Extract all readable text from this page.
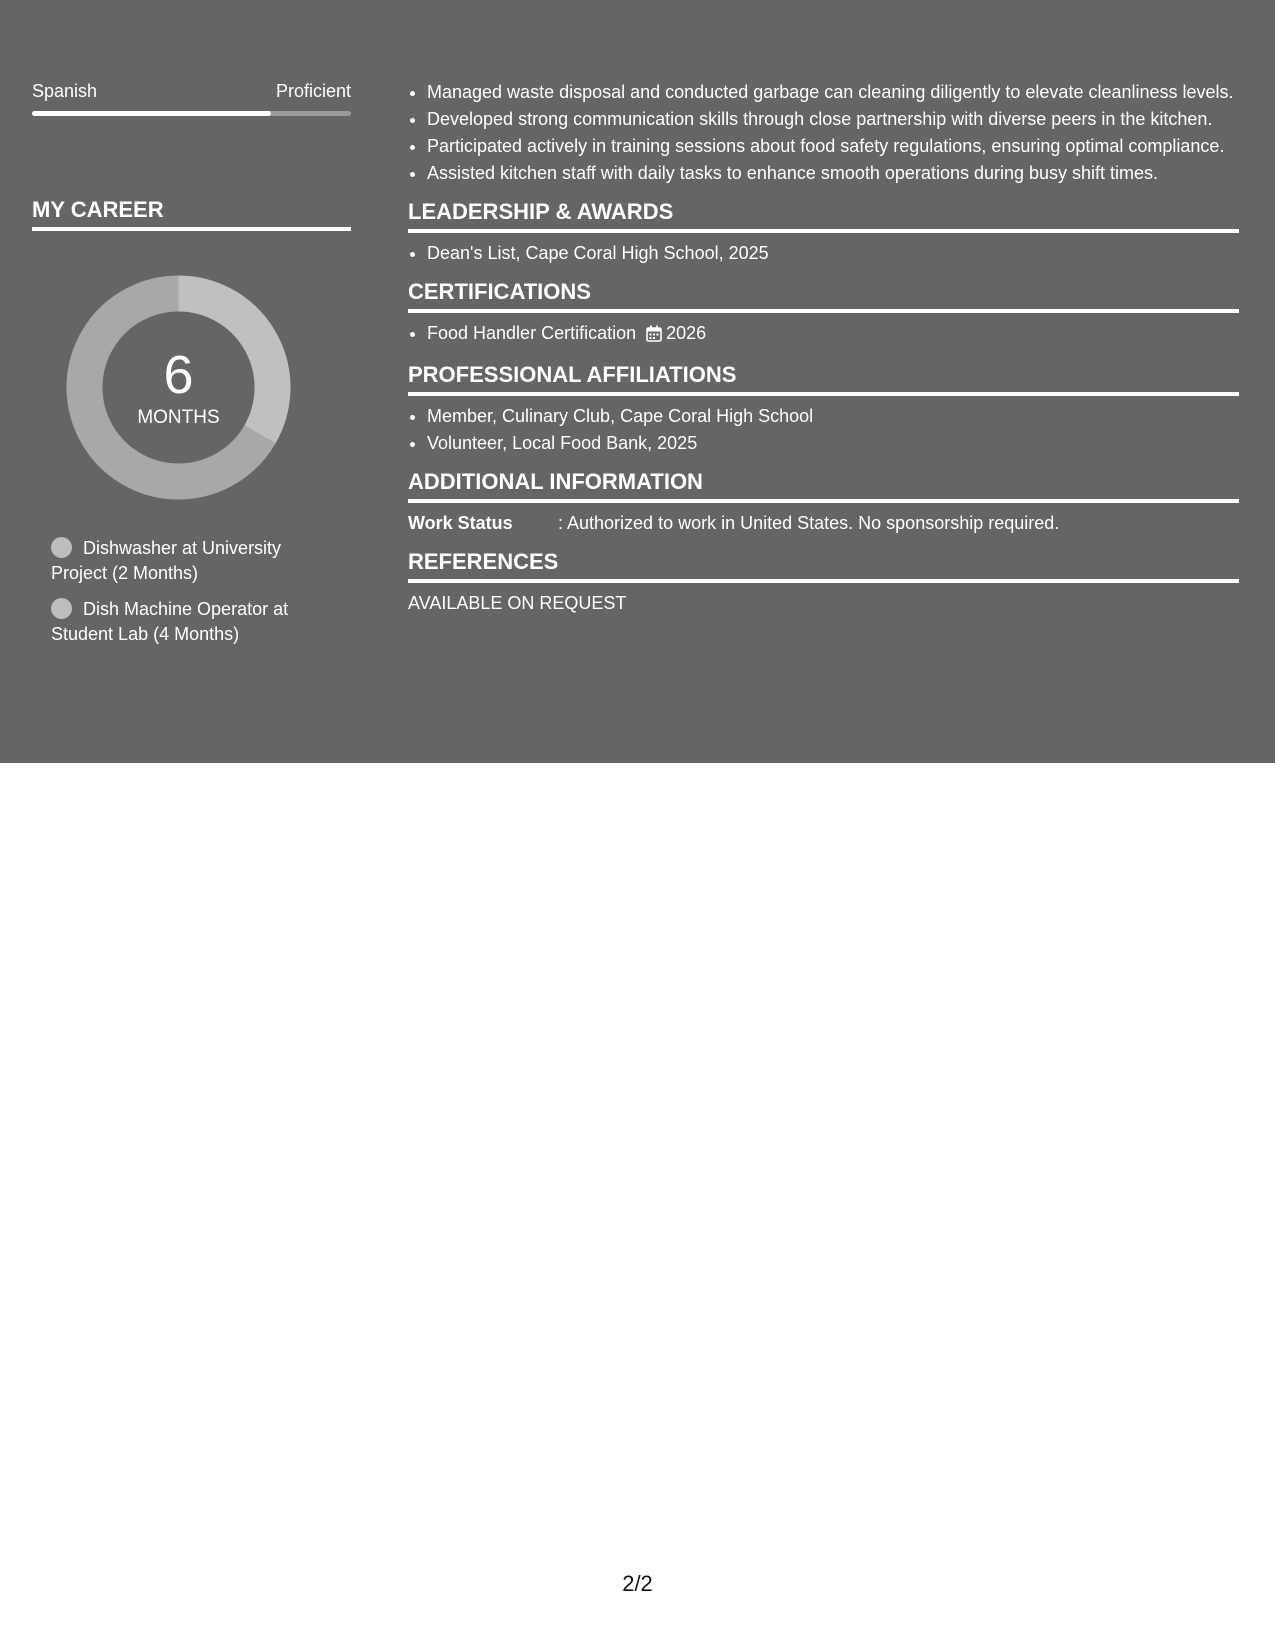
Spanish	Proficient
MY CAREER
6
MONTHS
Dishwasher at University Project (2 Months)
Dish Machine Operator at Student Lab (4 Months)
• Managed waste disposal and conducted garbage can cleaning diligently to elevate cleanliness levels.
• Developed strong communication skills through close partnership with diverse peers in the kitchen.
• Participated actively in training sessions about food safety regulations, ensuring optimal compliance.
• Assisted kitchen staff with daily tasks to enhance smooth operations during busy shift times.
LEADERSHIP & AWARDS
• Dean's List, Cape Coral High School, 2025
CERTIFICATIONS
• Food Handler Certification 2026
PROFESSIONAL AFFILIATIONS
• Member, Culinary Club, Cape Coral High School
• Volunteer, Local Food Bank, 2025
ADDITIONAL INFORMATION
Work Status	: Authorized to work in United States. No sponsorship required.
REFERENCES
AVAILABLE ON REQUEST
2/2
